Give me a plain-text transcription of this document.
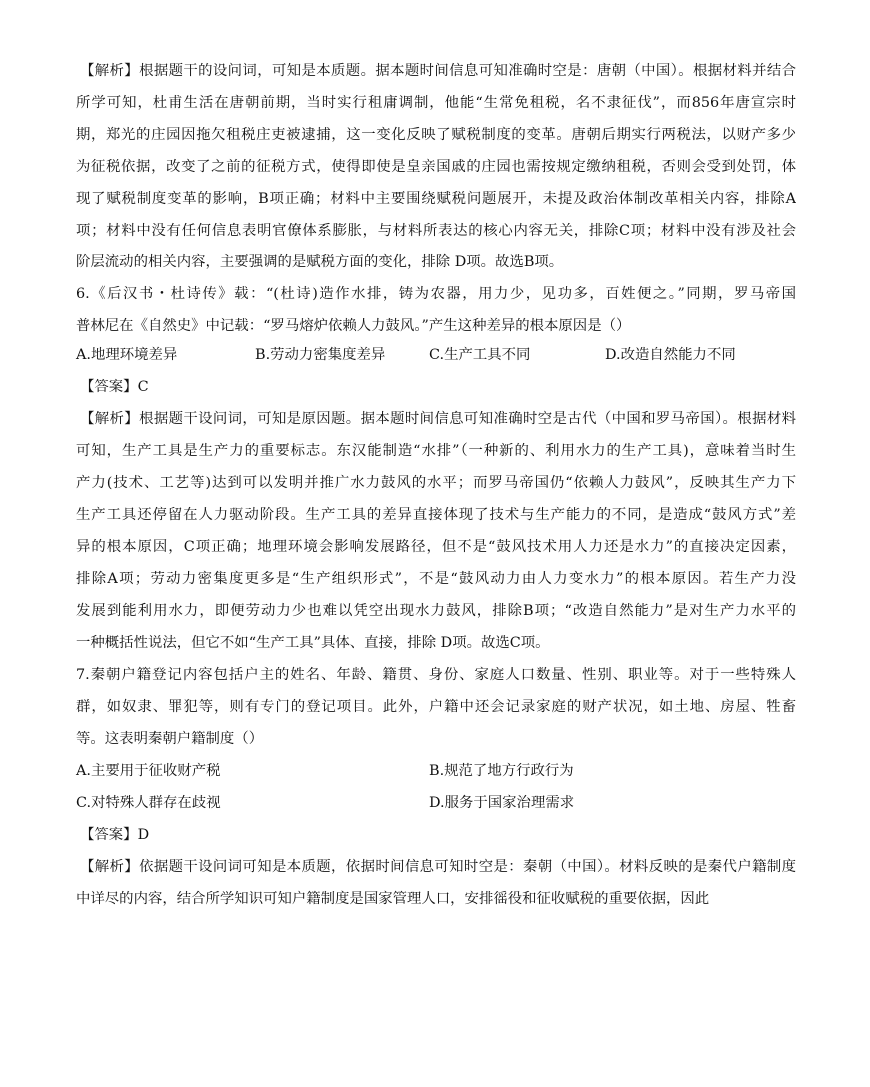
【解析】根据题干的设问词，可知是本质题。据本题时间信息可知准确时空是：唐朝（中国）。根据材料并结合
所学可知，杜甫生活在唐朝前期，当时实行租庸调制，他能“生常免租税，名不隶征伐”，而856年唐宣宗时
期，郑光的庄园因拖欠租税庄吏被逮捕，这一变化反映了赋税制度的变革。唐朝后期实行两税法，以财产多少
为征税依据，改变了之前的征税方式，使得即使是皇亲国戚的庄园也需按规定缴纳租税，否则会受到处罚，体
现了赋税制度变革的影响，B项正确；材料中主要围绕赋税问题展开，未提及政治体制改革相关内容，排除A
项；材料中没有任何信息表明官僚体系膨胀，与材料所表达的核心内容无关，排除C项；材料中没有涉及社会
阶层流动的相关内容，主要强调的是赋税方面的变化，排除 D项。故选B项。
6.《后汉书・杜诗传》载：“(杜诗)造作水排，铸为农器，用力少，见功多，百姓便之。”同期，罗马帝国
普林尼在《自然史》中记载：“罗马熔炉依赖人力鼓风。”产生这种差异的根本原因是（）
A.地理环境差异	B.劳动力密集度差异	C.生产工具不同	D.改造自然能力不同
【答案】C
【解析】根据题干设问词，可知是原因题。据本题时间信息可知准确时空是古代（中国和罗马帝国）。根据材料
可知，生产工具是生产力的重要标志。东汉能制造“水排”（一种新的、利用水力的生产工具)，意味着当时生
产力(技术、工艺等)达到可以发明并推广水力鼓风的水平；而罗马帝国仍“依赖人力鼓风”，反映其生产力下
生产工具还停留在人力驱动阶段。生产工具的差异直接体现了技术与生产能力的不同，是造成“鼓风方式”差
异的根本原因，C项正确；地理环境会影响发展路径，但不是“鼓风技术用人力还是水力”的直接决定因素，
排除A项；劳动力密集度更多是“生产组织形式”，不是“鼓风动力由人力变水力”的根本原因。若生产力没
发展到能利用水力，即便劳动力少也难以凭空出现水力鼓风，排除B项；“改造自然能力”是对生产力水平的
一种概括性说法，但它不如“生产工具”具体、直接，排除 D项。故选C项。
7.秦朝户籍登记内容包括户主的姓名、年龄、籍贯、身份、家庭人口数量、性别、职业等。对于一些特殊人
群，如奴隶、罪犯等，则有专门的登记项目。此外，户籍中还会记录家庭的财产状况，如土地、房屋、牲畜
等。这表明秦朝户籍制度（）
A.主要用于征收财产税	B.规范了地方行政行为
C.对特殊人群存在歧视	D.服务于国家治理需求
【答案】D
【解析】依据题干设问词可知是本质题，依据时间信息可知时空是：秦朝（中国）。材料反映的是秦代户籍制度
中详尽的内容，结合所学知识可知户籍制度是国家管理人口，安排徭役和征收赋税的重要依据，因此
